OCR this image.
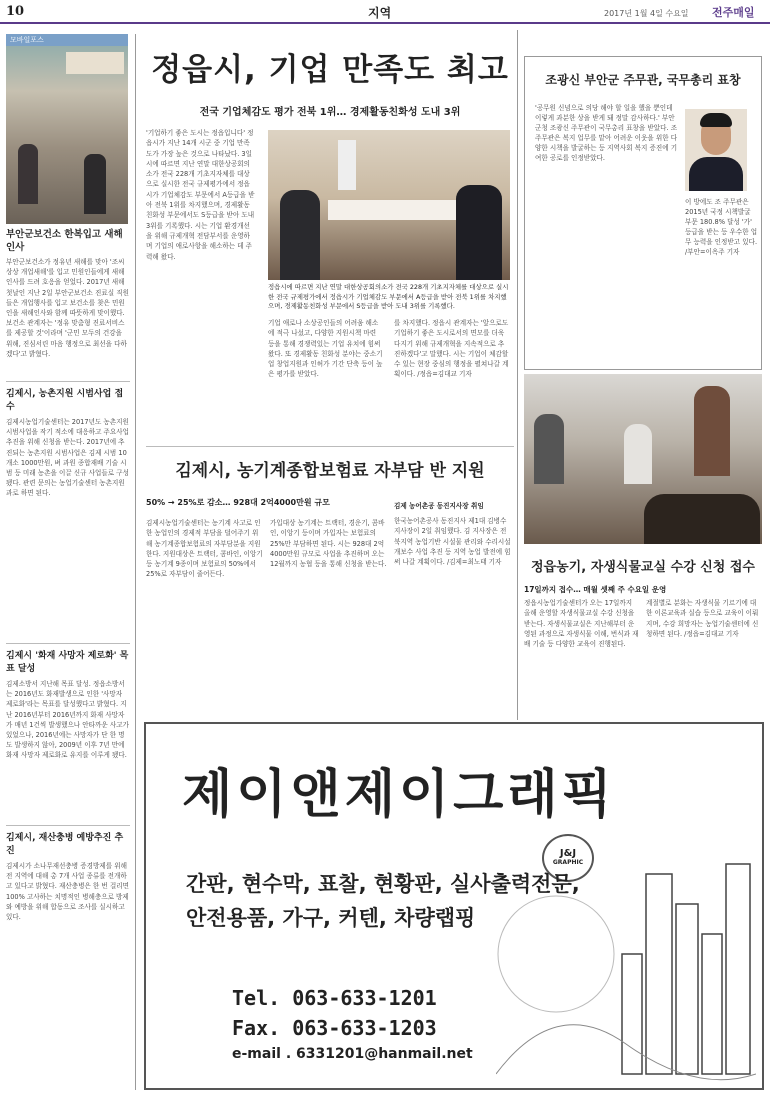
10	지역	2017년 1월 4일 수요일 전주매일
모바일포스
부안군보건소 한복입고 새해인사
부안군보건소가 정유년 새해를 맞아 '조씨 상상 개업새해'를 입고 민원인들에게 새해인사를 드려 호응을 얻었다. 2017년 새해 첫날인 지난 2일 부안군보건소 진료실 직원들은 개업행사를 입고 보건소를 찾은 민원인을 새해인사와 함께 따뜻하게 맞이했다. 보건소 관계자는 '정유 맞춤형 진료서비스를 제공할 것'이라며 '군민 모두의 건강을 위해, 진심서린 마음 행정으로 최선을 다하겠다'고 밝혔다.
김제시, 농촌지원 시범사업 접수
김제시농업기술센터는 2017년도 농촌지원 시범사업을 작기 적소에 대응하고 주요사업 추진을 위해 신청을 받는다. 2017년에 추진되는 농촌지원 시범사업은 김제 시범 10개소 1000만원, 벼 과원 종합재배 기술 시범 등 미래 농촌을 이끌 신규 사업들로 구성됐다. 관련 문의는 농업기술센터 농촌지원과로 하면 된다.
김제시 '화재 사망자 제로화' 목표 달성
김제소방서 지난해 목표 달성. 정읍소방서는 2016년도 화재발생으로 인한 '사망자 제로화'라는 목표를 달성했다고 밝혔다. 지난 2016년부터 2016년까지 화재 사망자가 매년 1건씩 발생했으나 안타까운 사고가 있었으나, 2016년에는 사망자가 단 한 명도 발생하지 않아, 2009년 이후 7년 만에 화재 사망자 제로화로 유지를 이루게 됐다.
김제시, 재산충병 예방추진 추진
김제시가 소나무재선충병 증경방제를 위해 전 지역에 대해 총 7개 사업 종류를 전개하고 있다고 밝혔다. 재산충병은 한 번 걸리면 100% 고사하는 치명적인 병해충으로 방제와 예방을 위해 합동으로 조사를 실시하고 있다.
정읍시, 기업 만족도 최고
전국 기업체감도 평가 전북 1위… 경제활동친화성 도내 3위
'기업하기 좋은 도시는 정읍입니다' 정읍시가 지난 14개 시군 중 기업 만족도가 가장 높은 것으로 나타났다. 3일 시에 따르면 지난 연말 대한상공회의소가 전국 228개 기초지자체를 대상으로 실시한 전국 규제평가에서 정읍시가 기업체감도 부문에서 A등급을 받아 전북 1위를 차지했으며, 경제활동친화성 부문에서도 S등급을 받아 도내 3위를 기록했다. 시는 기업 환경개선을 위해 규제개혁 전담부서를 운영하며 기업의 애로사항을 해소하는 데 주력해 왔다.
정읍시에 따르면 지난 연말 대한상공회의소가 전국 228개 기초지자체를 대상으로 실시한 전국 규제평가에서 정읍시가 기업체감도 부문에서 A등급을 받아 전북 1위를 차지했으며, 경제활동친화성 부문에서 S등급을 받아 도내 3위를 기록했다.
기업 애로나 소상공인들의 어려움 해소에 적극 나섰고, 다양한 지원시책 마련 등을 통해 경쟁력있는 기업 유치에 힘써 왔다. 또 경제활동 친화성 분야는 중소기업 창업지원과 인허가 기간 단축 등이 높은 평가를 받았다.
를 차지했다. 정읍시 관계자는 '앞으로도 기업하기 좋은 도시로서의 면모를 더욱 다지기 위해 규제개혁을 지속적으로 추진하겠다'고 말했다. 시는 기업이 체감할 수 있는 현장 중심의 행정을 펼쳐나갈 계획이다. /정읍=김대교 기자
김제시, 농기계종합보험료 자부담 반 지원
50% → 25%로 감소… 928대 2억4000만원 규모
김제시농업기술센터는 농기계 사고로 인한 농업인의 경제적 부담을 덜어주기 위해 농기계종합보험료의 자부담분을 지원한다. 지원대상은 트랙터, 콤바인, 이앙기 등 농기계 9종이며 보험료의 50%에서 25%로 자부담이 줄어든다.
가입대상 농기계는 트랙터, 경운기, 콤바인, 이앙기 등이며 가입자는 보험료의 25%만 부담하면 된다. 시는 928대 2억4000만원 규모로 사업을 추진하며 오는 12월까지 농협 등을 통해 신청을 받는다.
김제 농어촌공 동진지사장 취임
한국농어촌공사 동진지사 제1대 김병수 지사장이 2일 취임했다. 김 지사장은 전북지역 농업기반 시설물 관리와 수리시설 개보수 사업 추진 등 지역 농업 발전에 힘써 나갈 계획이다. /김제=최노태 기자
조광신 부안군 주무관, 국무총리 표창
'공무원 신념으로 의당 해야 할 일을 했을 뿐인데 이렇게 과분한 상을 받게 돼 정말 감사하다.' 부안군청 조광신 주무관이 국무총리 표창을 받았다. 조 주무관은 복지 업무를 맡아 어려운 이웃을 위한 다양한 시책을 발굴하는 등 지역사회 복지 증진에 기여한 공로를 인정받았다.
이 방에도 조 주무관은 2015년 국정 시책발굴 부문 180.8% 달성 '가' 등급을 받는 등 우수한 업무 능력을 인정받고 있다. /부안=이옥주 기자
정읍농기, 자생식물교실 수강 신청 접수
17일까지 접수… 매월 셋째 주 수요일 운영
정읍시농업기술센터가 오는 17일까지 올해 운영할 자생식물교실 수강 신청을 받는다. 자생식물교실은 지난해부터 운영된 과정으로 자생식물 이해, 번식과 재배 기술 등 다양한 교육이 진행된다.
계절별로 분화는 자생식물 기르기에 대한 이론교육과 실습 등으로 교육이 이뤄지며, 수강 희망자는 농업기술센터에 신청하면 된다. /정읍=김대교 기자
제이앤제이그래픽
J&J
GRAPHIC
간판, 현수막, 표찰, 현황판, 실사출력전문,
안전용품, 가구, 커텐, 차량랩핑
Tel. 063-633-1201
Fax. 063-633-1203
e-mail . 6331201@hanmail.net
